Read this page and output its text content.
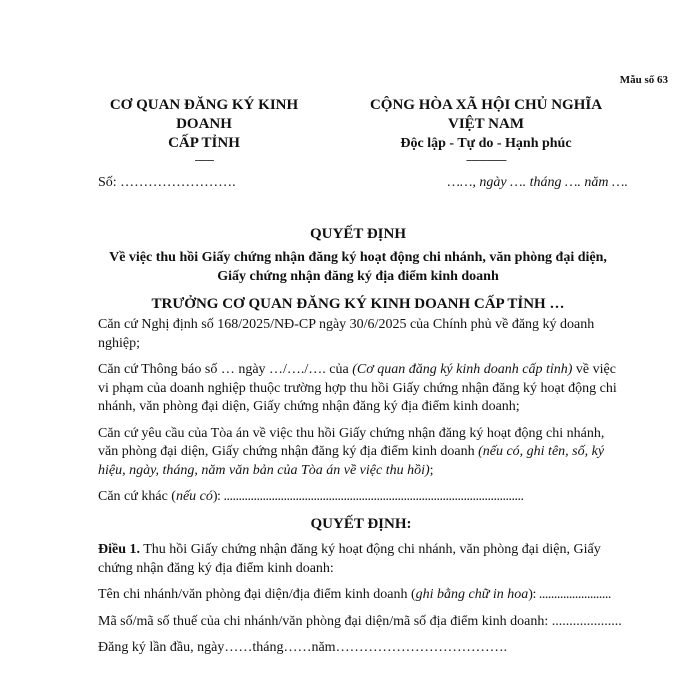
Mẫu số 63
CƠ QUAN ĐĂNG KÝ KINH DOANH
CẤP TỈNH
-------
CỘNG HÒA XÃ HỘI CHỦ NGHĨA VIỆT NAM
Độc lập - Tự do - Hạnh phúc
---------------
Số: …………………….	……, ngày …. tháng …. năm ….
QUYẾT ĐỊNH
Về việc thu hồi Giấy chứng nhận đăng ký hoạt động chi nhánh, văn phòng đại diện, Giấy chứng nhận đăng ký địa điểm kinh doanh
TRƯỞNG CƠ QUAN ĐĂNG KÝ KINH DOANH CẤP TỈNH …

Căn cứ Nghị định số 168/2025/NĐ-CP ngày 30/6/2025 của Chính phủ về đăng ký doanh nghiệp;

Căn cứ Thông báo số … ngày …/…./…. của (Cơ quan đăng ký kinh doanh cấp tỉnh) về việc vi phạm của doanh nghiệp thuộc trường hợp thu hồi Giấy chứng nhận đăng ký hoạt động chi nhánh, văn phòng đại diện, Giấy chứng nhận đăng ký địa điểm kinh doanh;

Căn cứ yêu cầu của Tòa án về việc thu hồi Giấy chứng nhận đăng ký hoạt động chi nhánh, văn phòng đại diện, Giấy chứng nhận đăng ký địa điểm kinh doanh (nếu có, ghi tên, số, ký hiệu, ngày, tháng, năm văn bản của Tòa án về việc thu hồi);

Căn cứ khác (nếu có): ....................................................................................................

QUYẾT ĐỊNH:

Điều 1. Thu hồi Giấy chứng nhận đăng ký hoạt động chi nhánh, văn phòng đại diện, Giấy chứng nhận đăng ký địa điểm kinh doanh:

Tên chi nhánh/văn phòng đại diện/địa điểm kinh doanh (ghi bằng chữ in hoa): ........................

Mã số/mã số thuế của chi nhánh/văn phòng đại diện/mã số địa điểm kinh doanh: ....................

Đăng ký lần đầu, ngày……tháng……năm……………………………….
